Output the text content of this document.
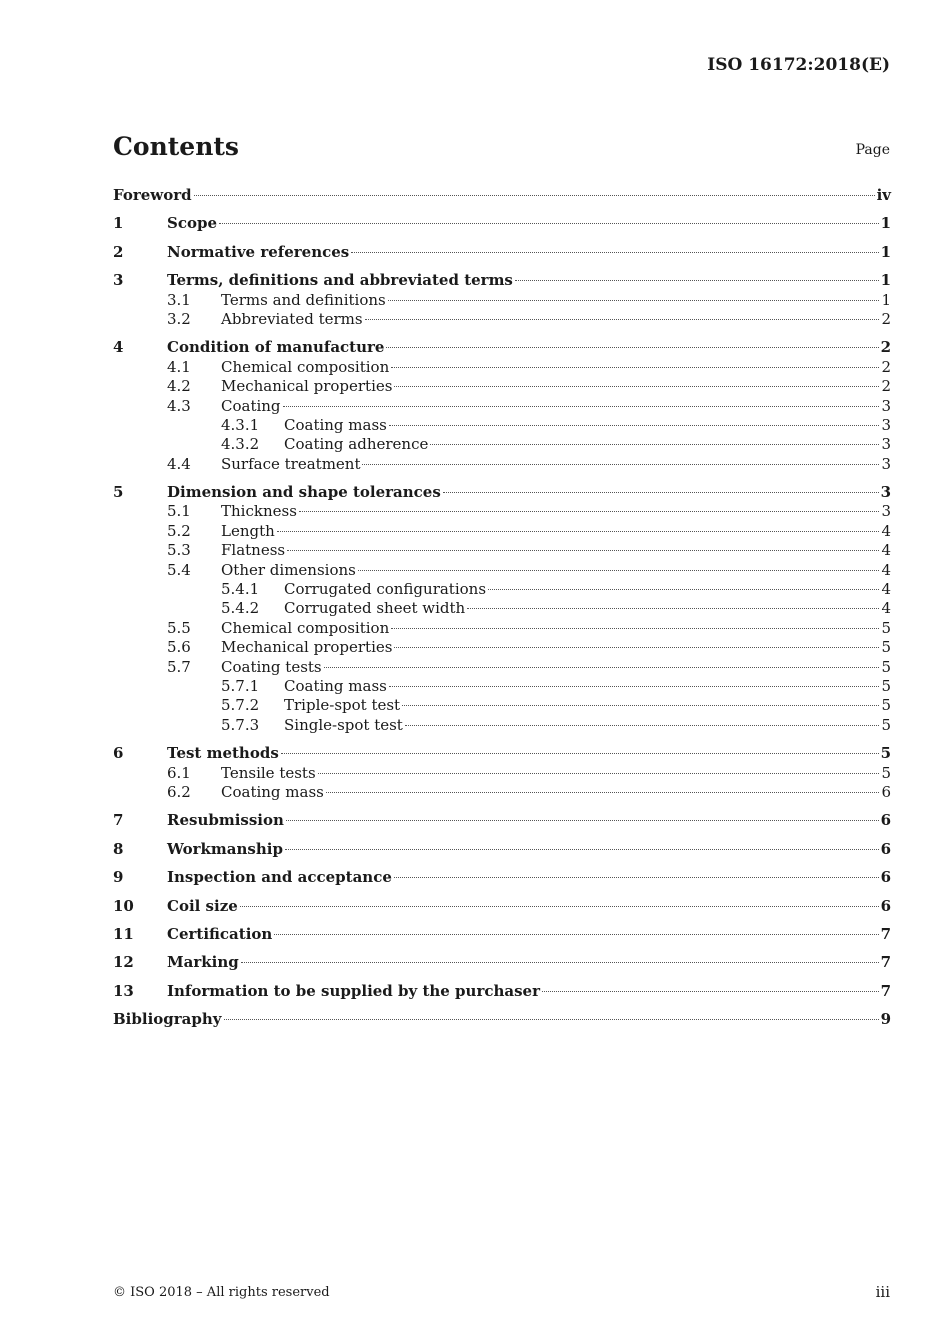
ISO 16172:2018(E)
Contents	Page
Foreword	iv
1	Scope	1
2	Normative references	1
3	Terms, definitions and abbreviated terms	1
3.1	Terms and definitions	1
3.2	Abbreviated terms	2
4	Condition of manufacture	2
4.1	Chemical composition	2
4.2	Mechanical properties	2
4.3	Coating	3
4.3.1	Coating mass	3
4.3.2	Coating adherence	3
4.4	Surface treatment	3
5	Dimension and shape tolerances	3
5.1	Thickness	3
5.2	Length	4
5.3	Flatness	4
5.4	Other dimensions	4
5.4.1	Corrugated configurations	4
5.4.2	Corrugated sheet width	4
5.5	Chemical composition	5
5.6	Mechanical properties	5
5.7	Coating tests	5
5.7.1	Coating mass	5
5.7.2	Triple-spot test	5
5.7.3	Single-spot test	5
6	Test methods	5
6.1	Tensile tests	5
6.2	Coating mass	6
7	Resubmission	6
8	Workmanship	6
9	Inspection and acceptance	6
10	Coil size	6
11	Certification	7
12	Marking	7
13	Information to be supplied by the purchaser	7
Bibliography	9
© ISO 2018 – All rights reserved	iii
